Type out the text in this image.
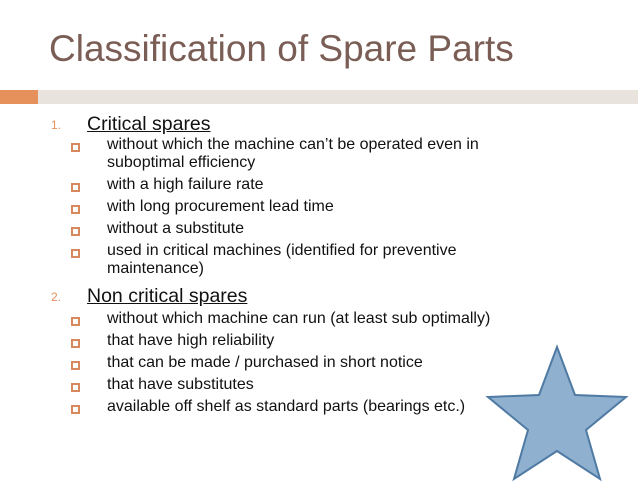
Classification of Spare Parts
1. Critical spares
without which the machine can’t be operated even in suboptimal efficiency
with a high failure rate
with long procurement lead time
without a substitute
used in critical machines (identified for preventive maintenance)
2. Non critical spares
without which machine can run (at least sub optimally)
that have high reliability
that can be made / purchased in short notice
that have substitutes
available off shelf as standard parts (bearings etc.)
